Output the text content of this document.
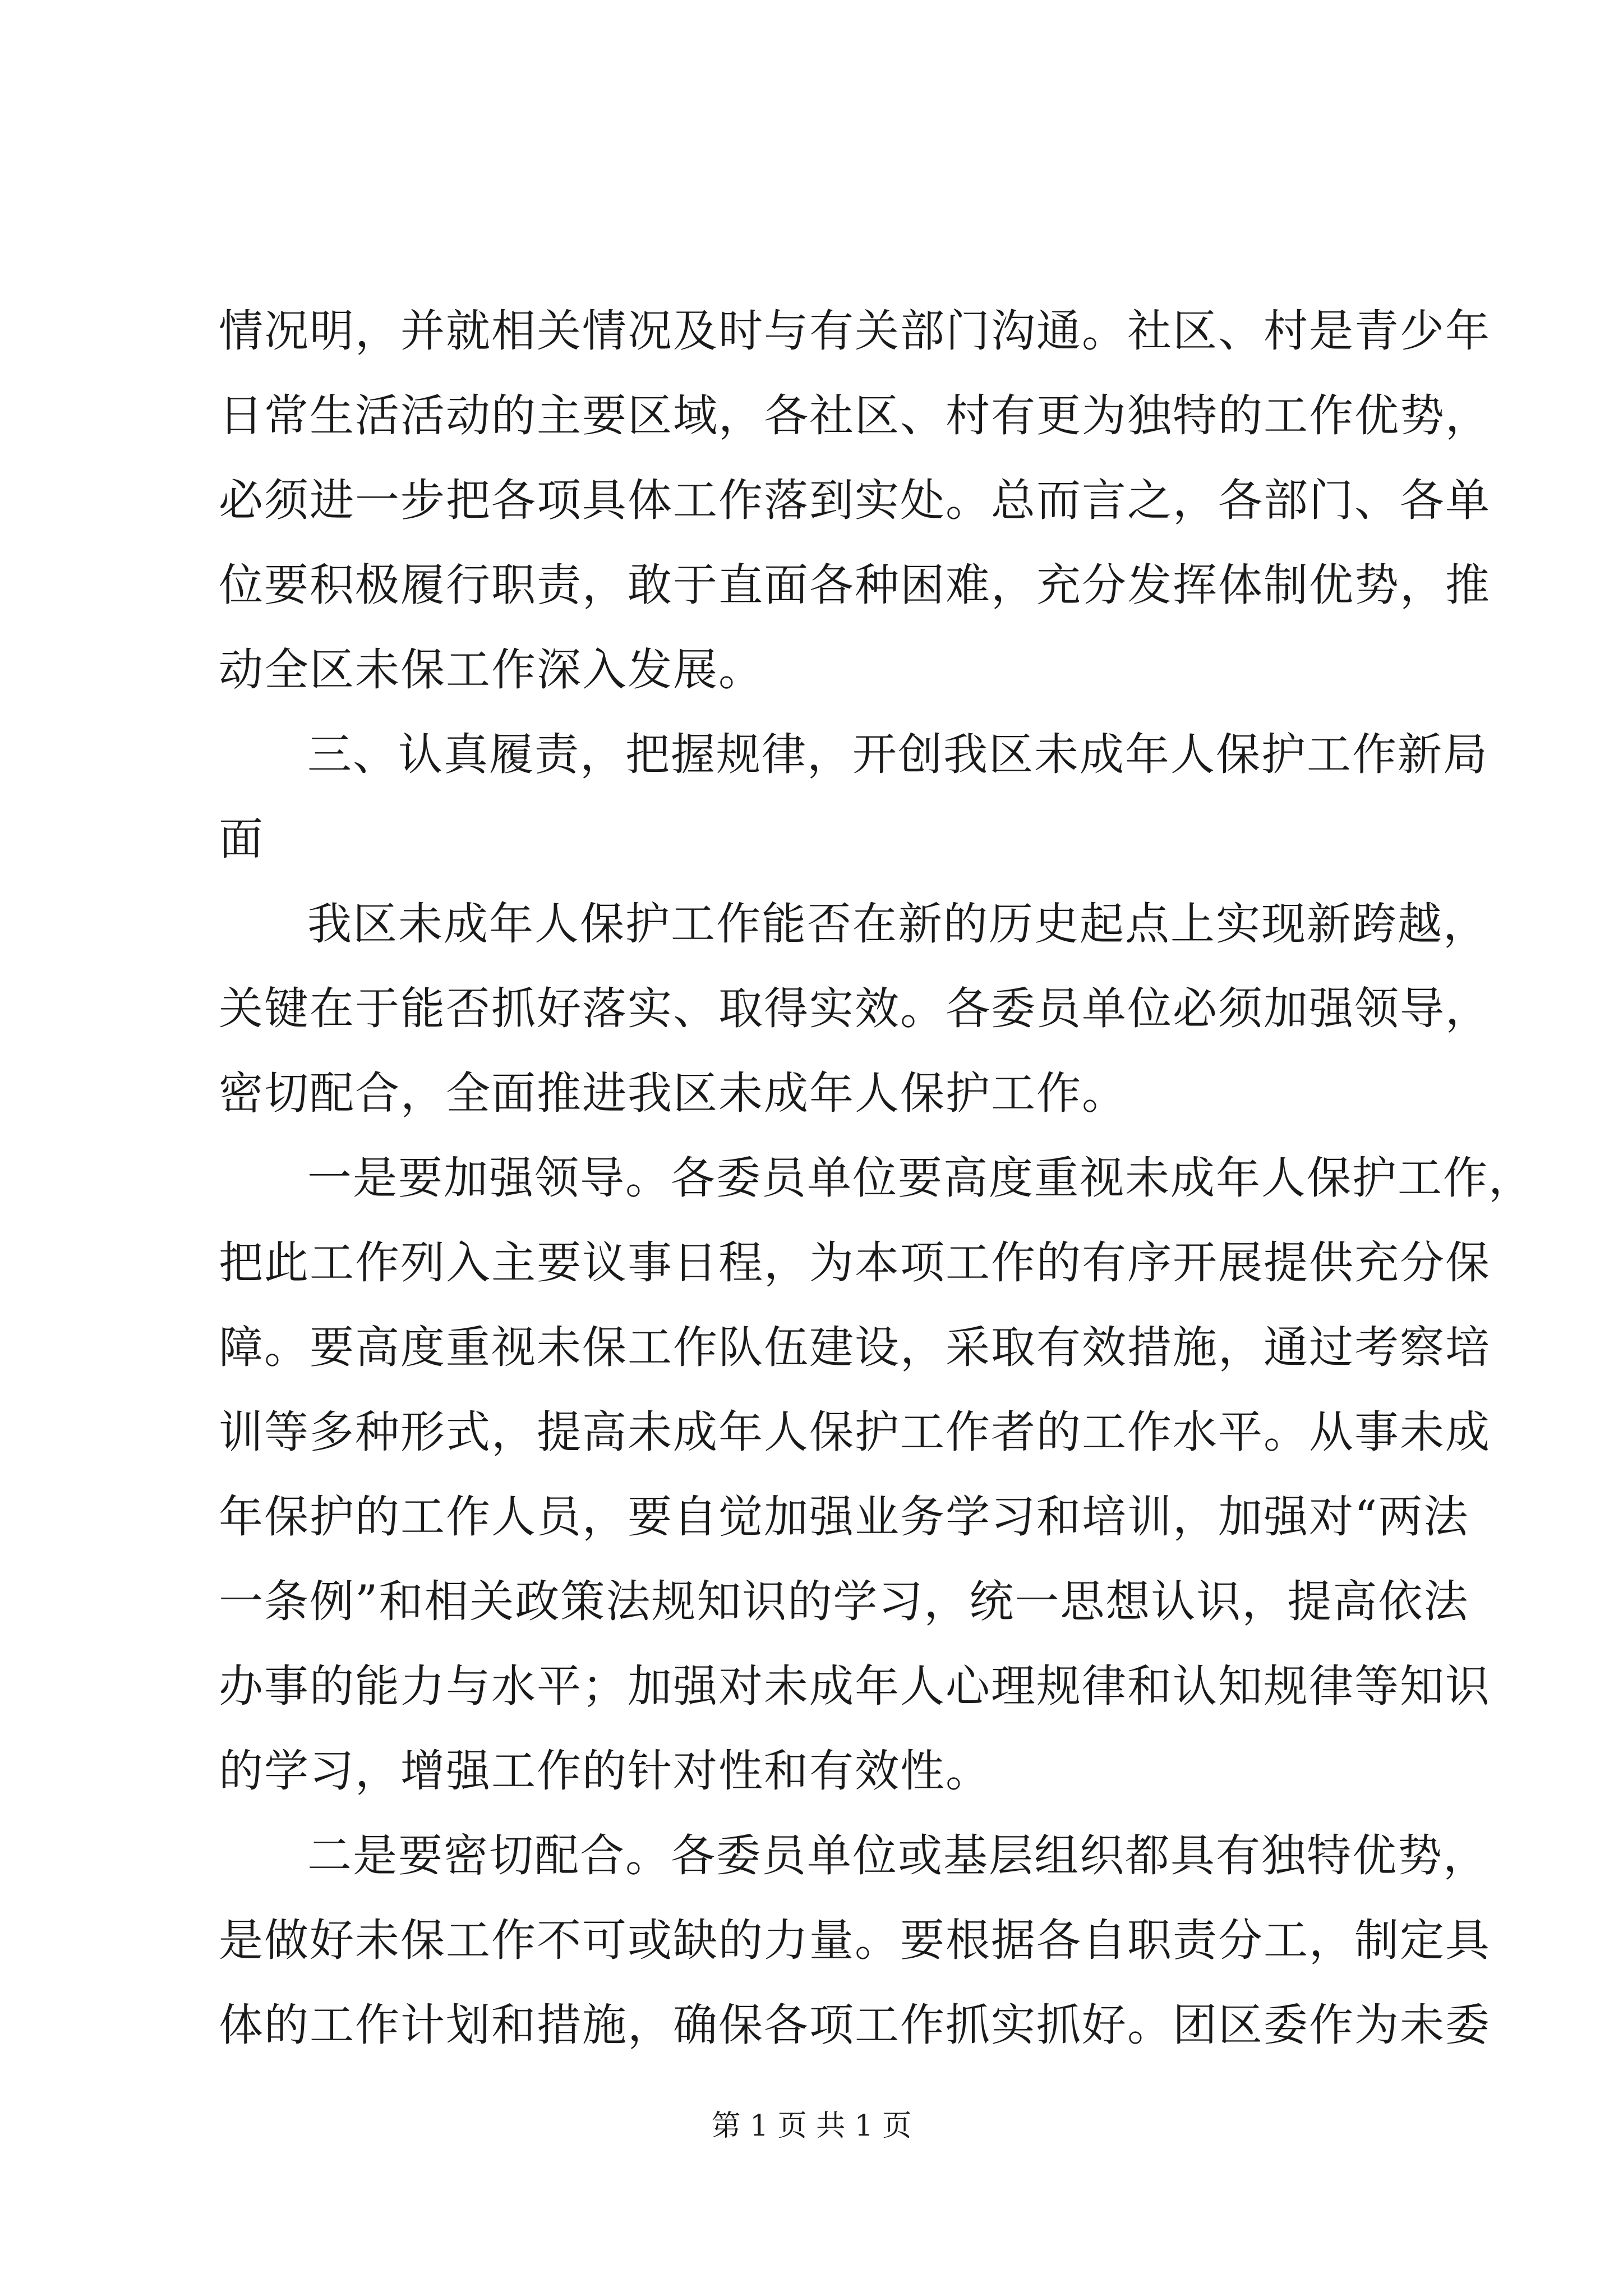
情况明，并就相关情况及时与有关部门沟通。社区、村是青少年
日常生活活动的主要区域，各社区、村有更为独特的工作优势，
必须进一步把各项具体工作落到实处。总而言之，各部门、各单
位要积极履行职责，敢于直面各种困难，充分发挥体制优势，推
动全区未保工作深入发展。
三、认真履责，把握规律，开创我区未成年人保护工作新局
面
我区未成年人保护工作能否在新的历史起点上实现新跨越，
关键在于能否抓好落实、取得实效。各委员单位必须加强领导，
密切配合，全面推进我区未成年人保护工作。
一是要加强领导。各委员单位要高度重视未成年人保护工作，
把此工作列入主要议事日程，为本项工作的有序开展提供充分保
障。要高度重视未保工作队伍建设，采取有效措施，通过考察培
训等多种形式，提高未成年人保护工作者的工作水平。从事未成
年保护的工作人员，要自觉加强业务学习和培训，加强对“两法
一条例”和相关政策法规知识的学习，统一思想认识，提高依法
办事的能力与水平；加强对未成年人心理规律和认知规律等知识
的学习，增强工作的针对性和有效性。
二是要密切配合。各委员单位或基层组织都具有独特优势，
是做好未保工作不可或缺的力量。要根据各自职责分工，制定具
体的工作计划和措施，确保各项工作抓实抓好。团区委作为未委
第 1 页 共 1 页
